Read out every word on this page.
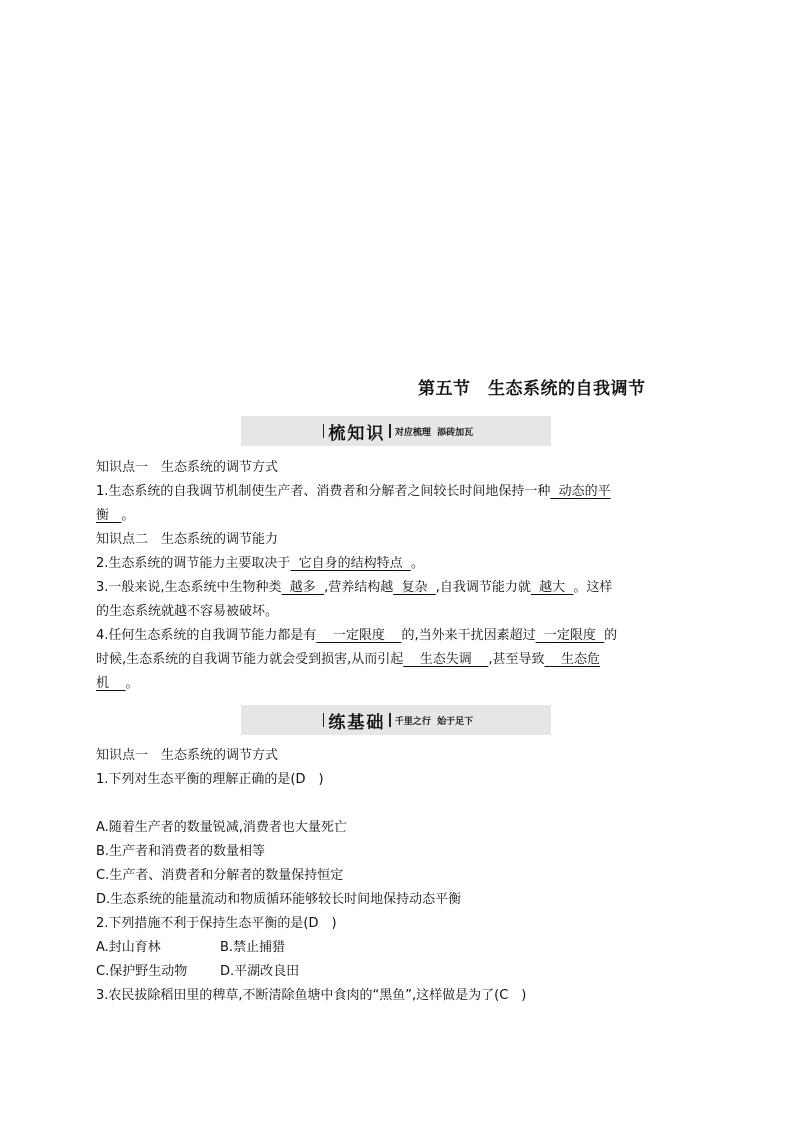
第五节　生态系统的自我调节
梳知识 对应梳理  添砖加瓦
知识点一　生态系统的调节方式
1.生态系统的自我调节机制使生产者、消费者和分解者之间较长时间地保持一种  动态的平
衡   。
知识点二　生态系统的调节能力
2.生态系统的调节能力主要取决于  它自身的结构特点  。
3.一般来说,生态系统中生物种类  越多  ,营养结构越  复杂  ,自我调节能力就  越大  。这样
的生态系统就越不容易被破坏。
4.任何生态系统的自我调节能力都是有    一定限度    的,当外来干扰因素超过  一定限度  的
时候,生态系统的自我调节能力就会受到损害,从而引起    生态失调    ,甚至导致    生态危
机    。
练基础 千里之行  始于足下
知识点一　生态系统的调节方式
1.下列对生态平衡的理解正确的是(D　)
A.随着生产者的数量锐减,消费者也大量死亡
B.生产者和消费者的数量相等
C.生产者、消费者和分解者的数量保持恒定
D.生态系统的能量流动和物质循环能够较长时间地保持动态平衡
2.下列措施不利于保持生态平衡的是(D　)
A.封山育林	B.禁止捕猎
C.保护野生动物	D.平湖改良田
3.农民拔除稻田里的稗草,不断清除鱼塘中食肉的“黑鱼”,这样做是为了(C　)
